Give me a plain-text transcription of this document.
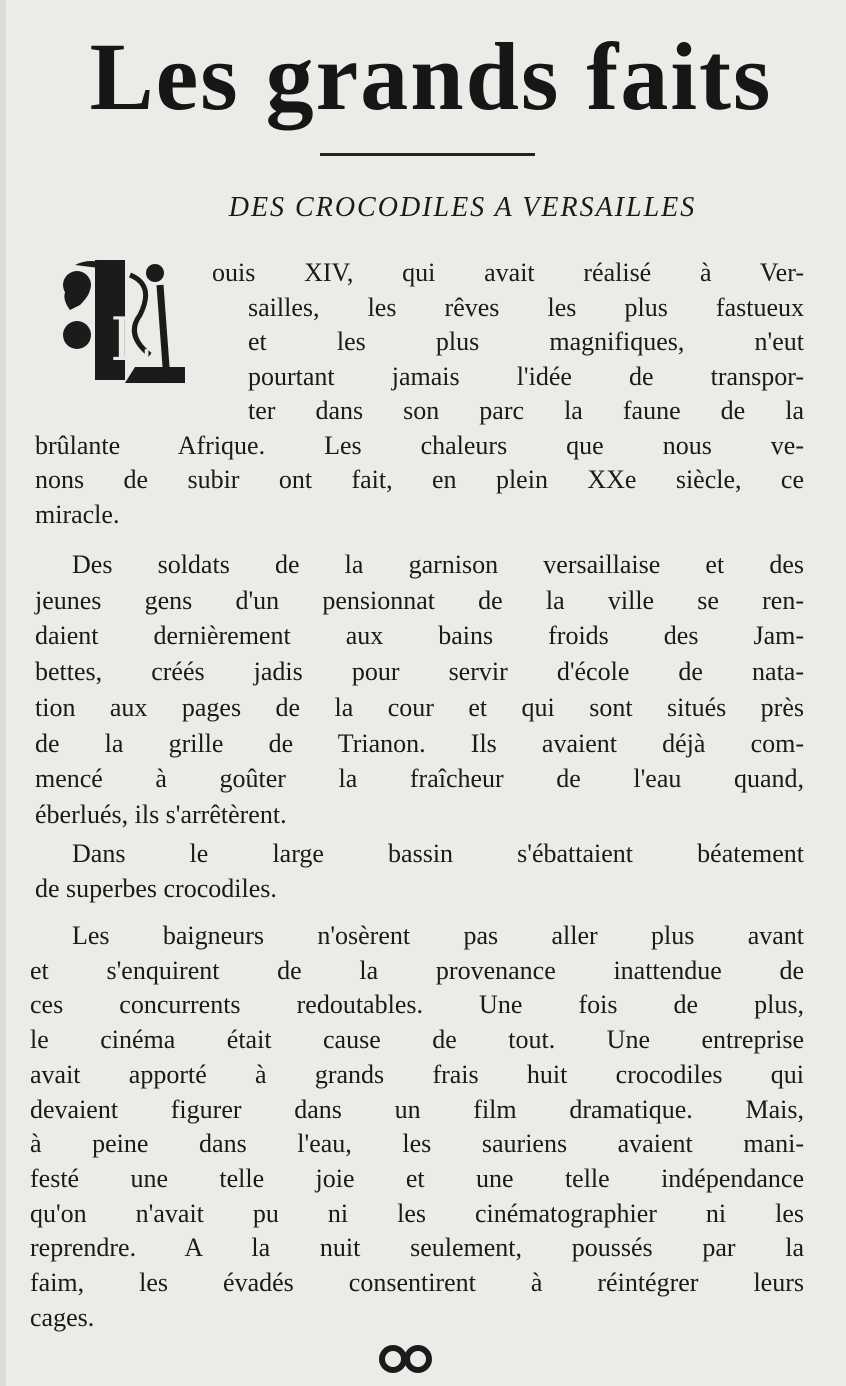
Les grands faits
DES CROCODILES A VERSAILLES
L
ouis XIV, qui avait réalisé à Ver-
sailles, les rêves les plus fastueux
et les plus magnifiques, n'eut
pourtant jamais l'idée de transpor-
ter dans son parc la faune de la
brûlante Afrique. Les chaleurs que nous ve-
nons de subir ont fait, en plein XXe siècle, ce
miracle.
Des soldats de la garnison versaillaise et des
jeunes gens d'un pensionnat de la ville se ren-
daient dernièrement aux bains froids des Jam-
bettes, créés jadis pour servir d'école de nata-
tion aux pages de la cour et qui sont situés près
de la grille de Trianon. Ils avaient déjà com-
mencé à goûter la fraîcheur de l'eau quand,
éberlués, ils s'arrêtèrent.
Dans le large bassin s'ébattaient béatement
de superbes crocodiles.
Les baigneurs n'osèrent pas aller plus avant
et s'enquirent de la provenance inattendue de
ces concurrents redoutables. Une fois de plus,
le cinéma était cause de tout. Une entreprise
avait apporté à grands frais huit crocodiles qui
devaient figurer dans un film dramatique. Mais,
à peine dans l'eau, les sauriens avaient mani-
festé une telle joie et une telle indépendance
qu'on n'avait pu ni les cinématographier ni les
reprendre. A la nuit seulement, poussés par la
faim, les évadés consentirent à réintégrer leurs
cages.
